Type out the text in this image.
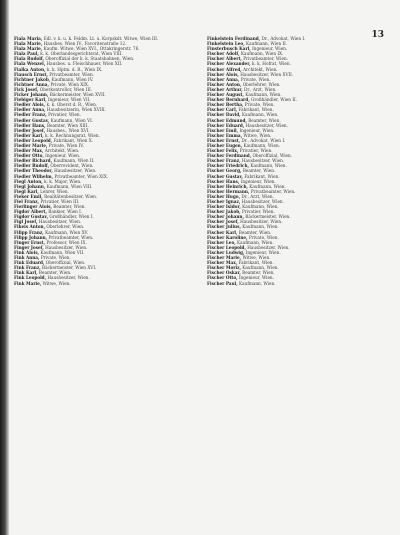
13
Fiala Maria, Edl. v. k. u. k. Feldm. Lt. u. Korpskdt. Witwe, Wien III.
Fiala Marie, Hausbes. Wien IV., Favoritenstraße 12.
Fiala Marie, Kaufm. Witwe, Wien XVI., Ottakringerstr. 76.
Fiala Paul, k. k. Oberlandesgerichtsrat, Wien VIII.
Fiala Rudolf, Oberoffizial der k. k. Staatsbahnen, Wien.
Fiala Wenzel, Hausbes. u. Fleischhauer, Wien XII.
Fialka Anton, k. k. Hptm. d. R., Wien IX.
Fiausch Ernst, Privatbeamter, Wien.
Fichtner Jakob, Kaufmann, Wien IV.
Fichtner Anna, Private, Wien XIX.
Fick Josef, Oberkontrollor, Wien III.
Ficker Johann, Bäckermeister, Wien XVII.
Fiebiger Karl, Ingenieur, Wien VII.
Fiedler Alois, k. k. Oberst d. R., Wien.
Fiedler Anna, Hausbesitzerin, Wien XVIII.
Fiedler Franz, Privatier, Wien.
Fiedler Gustav, Kaufmann, Wien VI.
Fiedler Hans, Beamter, Wien XIII.
Fiedler Josef, Hausbes., Wien XVI.
Fiedler Karl, k. k. Rechnungsrat, Wien.
Fiedler Leopold, Fabrikant, Wien X.
Fiedler Marie, Private, Wien IV.
Fiedler Max, Architekt, Wien.
Fiedler Otto, Ingenieur, Wien.
Fiedler Richard, Kaufmann, Wien II.
Fiedler Rudolf, Oberrevident, Wien.
Fiedler Theodor, Hausbesitzer, Wien.
Fiedler Wilhelm, Privatbeamter, Wien XIX.
Fiegl Anton, k. k. Major, Wien.
Fiegl Johann, Kaufmann, Wien VIII.
Fiegl Karl, Lehrer, Wien.
Fieker Emil, Realitätenbesitzer, Wien.
Fiel Franz, Privatier, Wien III.
Fierlinger Alois, Beamter, Wien.
Figdor Albert, Bankier, Wien I.
Figdor Gustav, Großhändler, Wien I.
Figl Josef, Hausbesitzer, Wien.
Fikeis Anton, Oberlehrer, Wien.
Filipp Franz, Kaufmann, Wien XV.
Filipp Johann, Privatbeamter, Wien.
Finger Ernst, Professor, Wien IX.
Finger Josef, Hausbesitzer, Wien.
Fink Alois, Kaufmann, Wien VII.
Fink Anna, Private, Wien.
Fink Eduard, Oberoffizial, Wien.
Fink Franz, Bäckermeister, Wien XVI.
Fink Karl, Beamter, Wien.
Fink Leopold, Hausbesitzer, Wien.
Fink Marie, Witwe, Wien.
Finkelstein Ferdinand, Dr., Advokat, Wien I.
Finkelstein Leo, Kaufmann, Wien II.
Finsterbusch Karl, Ingenieur, Wien.
Fischer Adolf, Kaufmann, Wien IX.
Fischer Albert, Privatbeamter, Wien.
Fischer Alexander, k. k. Hofrat, Wien.
Fischer Alfred, Architekt, Wien.
Fischer Alois, Hausbesitzer, Wien XVII.
Fischer Anna, Private, Wien.
Fischer Anton, Oberlehrer, Wien.
Fischer Arthur, Dr., Arzt, Wien.
Fischer August, Kaufmann, Wien.
Fischer Bernhard, Großhändler, Wien II.
Fischer Bertha, Private, Wien.
Fischer Carl, Fabrikant, Wien.
Fischer David, Kaufmann, Wien.
Fischer Edmund, Beamter, Wien.
Fischer Eduard, Hausbesitzer, Wien.
Fischer Emil, Ingenieur, Wien.
Fischer Emma, Witwe, Wien.
Fischer Ernst, Dr., Advokat, Wien I.
Fischer Eugen, Kaufmann, Wien.
Fischer Felix, Privatier, Wien.
Fischer Ferdinand, Oberoffizial, Wien.
Fischer Franz, Hausbesitzer, Wien.
Fischer Friedrich, Kaufmann, Wien.
Fischer Georg, Beamter, Wien.
Fischer Gustav, Fabrikant, Wien.
Fischer Hans, Ingenieur, Wien.
Fischer Heinrich, Kaufmann, Wien.
Fischer Hermann, Privatbeamter, Wien.
Fischer Hugo, Dr., Arzt, Wien.
Fischer Ignaz, Hausbesitzer, Wien.
Fischer Isidor, Kaufmann, Wien.
Fischer Jakob, Privatier, Wien.
Fischer Johann, Bäckermeister, Wien.
Fischer Josef, Hausbesitzer, Wien.
Fischer Julius, Kaufmann, Wien.
Fischer Karl, Beamter, Wien.
Fischer Karoline, Private, Wien.
Fischer Leo, Kaufmann, Wien.
Fischer Leopold, Hausbesitzer, Wien.
Fischer Ludwig, Ingenieur, Wien.
Fischer Marie, Witwe, Wien.
Fischer Max, Fabrikant, Wien.
Fischer Moriz, Kaufmann, Wien.
Fischer Oskar, Beamter, Wien.
Fischer Otto, Ingenieur, Wien.
Fischer Paul, Kaufmann, Wien.
